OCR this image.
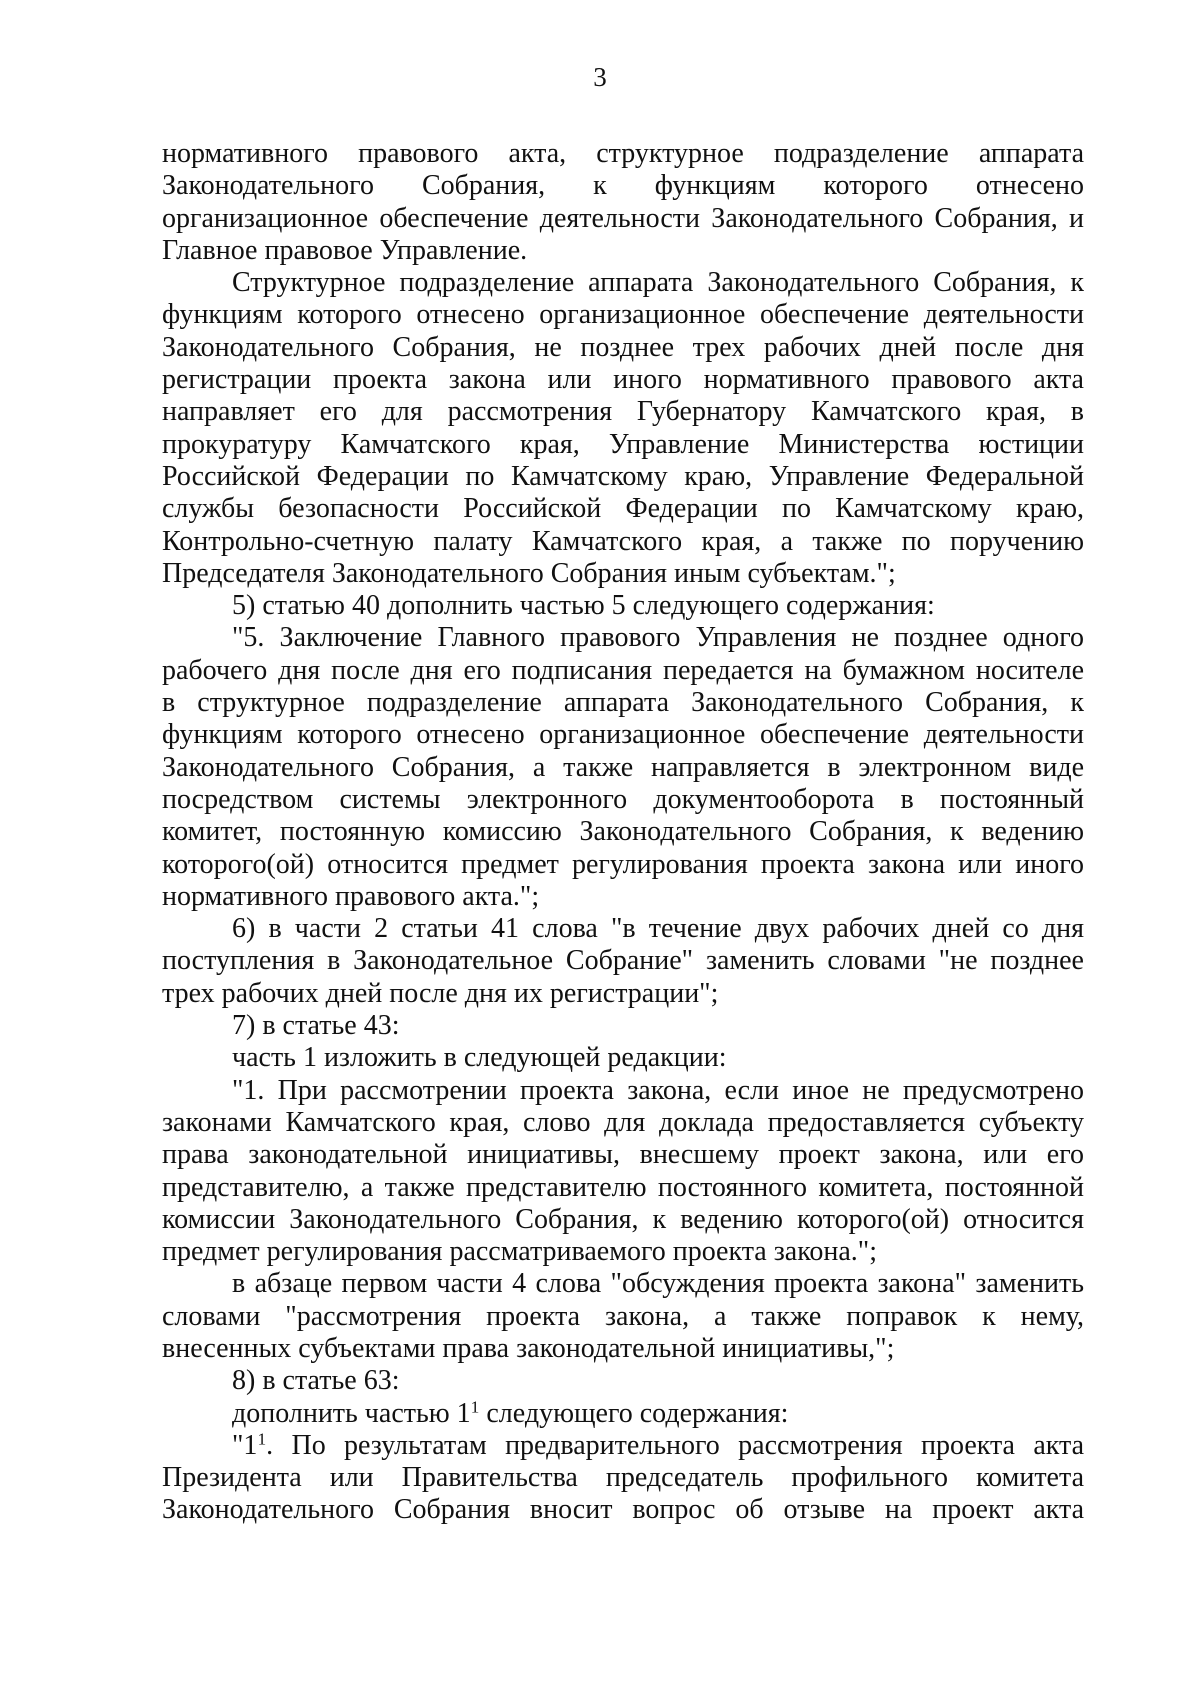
3
нормативного правового акта, структурное подразделение аппарата
Законодательного Собрания, к функциям которого отнесено
организационное обеспечение деятельности Законодательного Собрания, и
Главное правовое Управление.
Структурное подразделение аппарата Законодательного Собрания, к
функциям которого отнесено организационное обеспечение деятельности
Законодательного Собрания, не позднее трех рабочих дней после дня
регистрации проекта закона или иного нормативного правового акта
направляет его для рассмотрения Губернатору Камчатского края, в
прокуратуру Камчатского края, Управление Министерства юстиции
Российской Федерации по Камчатскому краю, Управление Федеральной
службы безопасности Российской Федерации по Камчатскому краю,
Контрольно-счетную палату Камчатского края, а также по поручению
Председателя Законодательного Собрания иным субъектам.";
5) статью 40 дополнить частью 5 следующего содержания:
"5. Заключение Главного правового Управления не позднее одного
рабочего дня после дня его подписания передается на бумажном носителе
в структурное подразделение аппарата Законодательного Собрания, к
функциям которого отнесено организационное обеспечение деятельности
Законодательного Собрания, а также направляется в электронном виде
посредством системы электронного документооборота в постоянный
комитет, постоянную комиссию Законодательного Собрания, к ведению
которого(ой) относится предмет регулирования проекта закона или иного
нормативного правового акта.";
6) в части 2 статьи 41 слова "в течение двух рабочих дней со дня
поступления в Законодательное Собрание" заменить словами "не позднее
трех рабочих дней после дня их регистрации";
7) в статье 43:
часть 1 изложить в следующей редакции:
"1. При рассмотрении проекта закона, если иное не предусмотрено
законами Камчатского края, слово для доклада предоставляется субъекту
права законодательной инициативы, внесшему проект закона, или его
представителю, а также представителю постоянного комитета, постоянной
комиссии Законодательного Собрания, к ведению которого(ой) относится
предмет регулирования рассматриваемого проекта закона.";
в абзаце первом части 4 слова "обсуждения проекта закона" заменить
словами "рассмотрения проекта закона, а также поправок к нему,
внесенных субъектами права законодательной инициативы,";
8) в статье 63:
дополнить частью $1^1$ следующего содержания:
"$1^1$. По результатам предварительного рассмотрения проекта акта
Президента или Правительства председатель профильного комитета
Законодательного Собрания вносит вопрос об отзыве на проект акта
